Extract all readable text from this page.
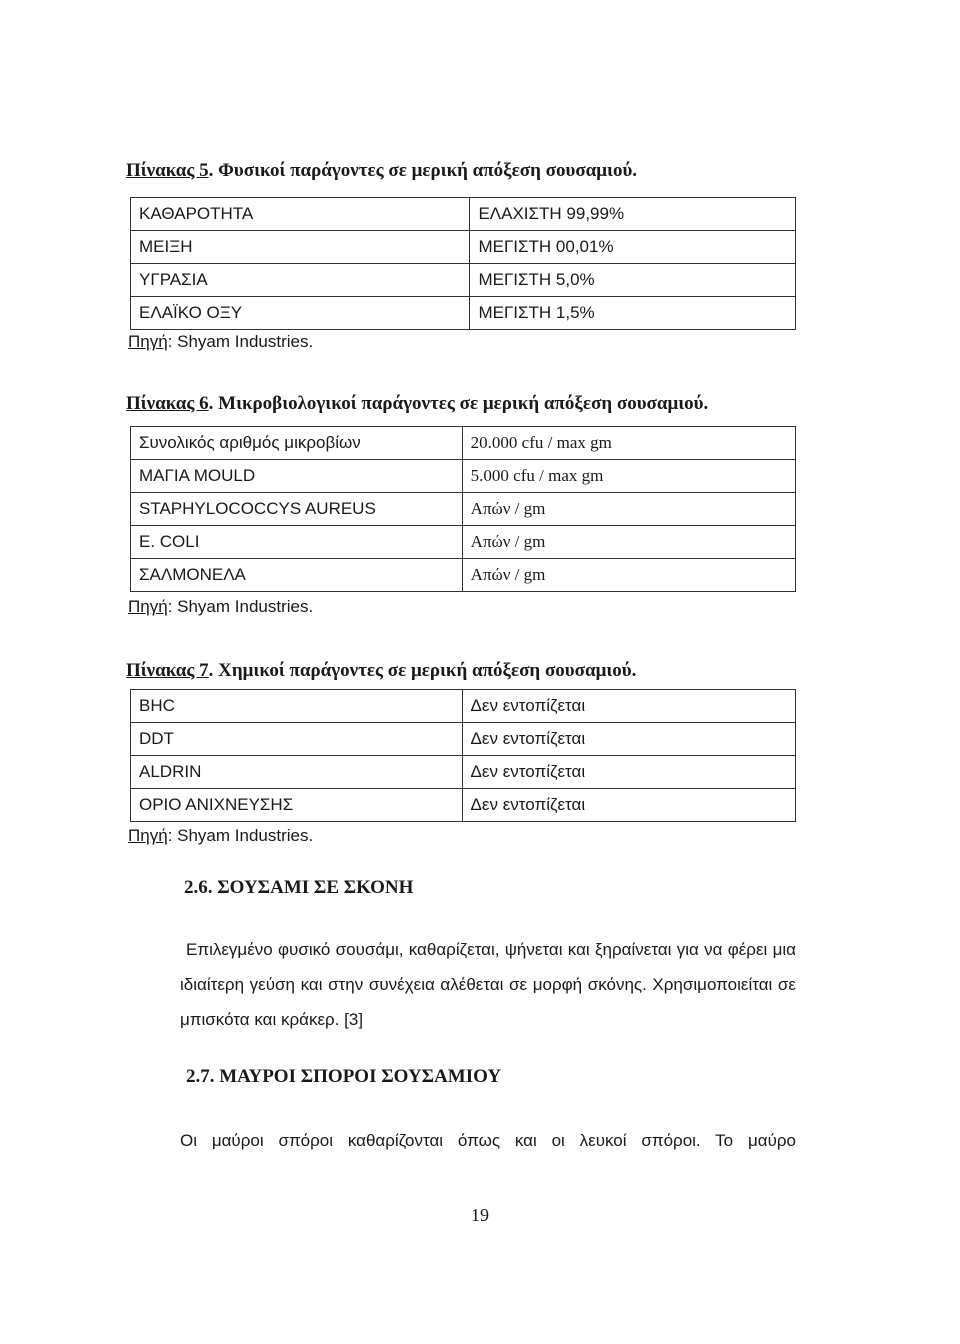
Πίνακας 5. Φυσικοί παράγοντες σε μερική απόξεση σουσαμιού.
ΚΑΘΑΡΟΤΗΤΑ	ΕΛΑΧΙΣΤΗ 99,99%
ΜΕΙΞΗ	ΜΕΓΙΣΤΗ 00,01%
ΥΓΡΑΣΙΑ	ΜΕΓΙΣΤΗ 5,0%
ΕΛΑΪΚΟ ΟΞΥ	ΜΕΓΙΣΤΗ 1,5%
Πηγή: Shyam Industries.
Πίνακας 6. Μικροβιολογικοί παράγοντες σε μερική απόξεση σουσαμιού.
Συνολικός αριθμός μικροβίων	20.000 cfu / max gm
ΜΑΓΙΑ MOULD	5.000 cfu / max gm
STAPHYLOCOCCYS AUREUS	Απών / gm
E. COLI	Απών / gm
ΣΑΛΜΟΝΕΛΑ	Απών / gm
Πηγή: Shyam Industries.
Πίνακας 7. Χημικοί παράγοντες σε μερική απόξεση σουσαμιού.
BHC	Δεν εντοπίζεται
DDT	Δεν εντοπίζεται
ALDRIN	Δεν εντοπίζεται
ΟΡΙΟ ΑΝΙΧΝΕΥΣΗΣ	Δεν εντοπίζεται
Πηγή: Shyam Industries.
2.6. ΣΟΥΣΑΜΙ ΣΕ ΣΚΟΝΗ
Επιλεγμένο φυσικό σουσάμι, καθαρίζεται, ψήνεται και ξηραίνεται για να φέρει μια ιδιαίτερη γεύση και στην συνέχεια αλέθεται σε μορφή σκόνης. Χρησιμοποιείται σε μπισκότα και κράκερ. [3]
2.7. ΜΑΥΡΟΙ ΣΠΟΡΟΙ ΣΟΥΣΑΜΙΟΥ
Οι μαύροι σπόροι καθαρίζονται όπως και οι λευκοί σπόροι. Το μαύρο
19
